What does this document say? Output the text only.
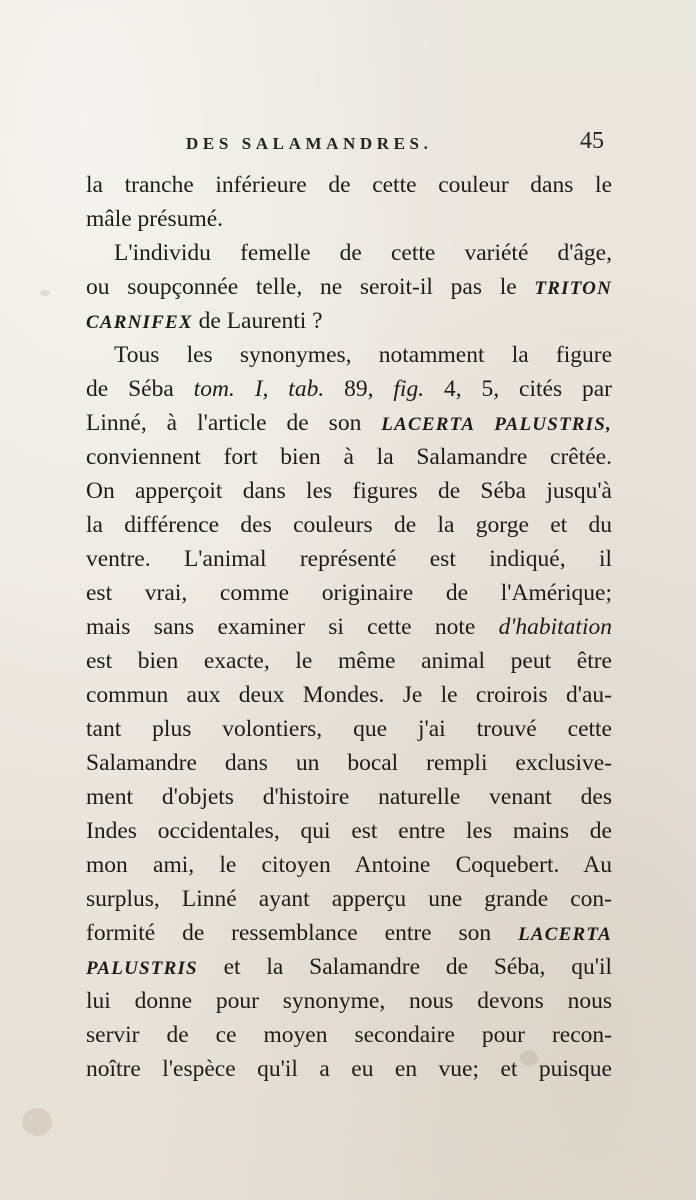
DES SALAMANDRES.	45
la tranche inférieure de cette couleur dans le
mâle présumé.
L'individu femelle de cette variété d'âge,
ou soupçonnée telle, ne seroit-il pas le TRITON
CARNIFEX de Laurenti ?
Tous les synonymes, notamment la figure
de Séba tom. I, tab. 89, fig. 4, 5, cités par
Linné, à l'article de son LACERTA PALUSTRIS,
conviennent fort bien à la Salamandre crêtée.
On apperçoit dans les figures de Séba jusqu'à
la différence des couleurs de la gorge et du
ventre. L'animal représenté est indiqué, il
est vrai, comme originaire de l'Amérique;
mais sans examiner si cette note d'habitation
est bien exacte, le même animal peut être
commun aux deux Mondes. Je le croirois d'au-
tant plus volontiers, que j'ai trouvé cette
Salamandre dans un bocal rempli exclusive-
ment d'objets d'histoire naturelle venant des
Indes occidentales, qui est entre les mains de
mon ami, le citoyen Antoine Coquebert. Au
surplus, Linné ayant apperçu une grande con-
formité de ressemblance entre son LACERTA
PALUSTRIS et la Salamandre de Séba, qu'il
lui donne pour synonyme, nous devons nous
servir de ce moyen secondaire pour recon-
noître l'espèce qu'il a eu en vue; et puisque
